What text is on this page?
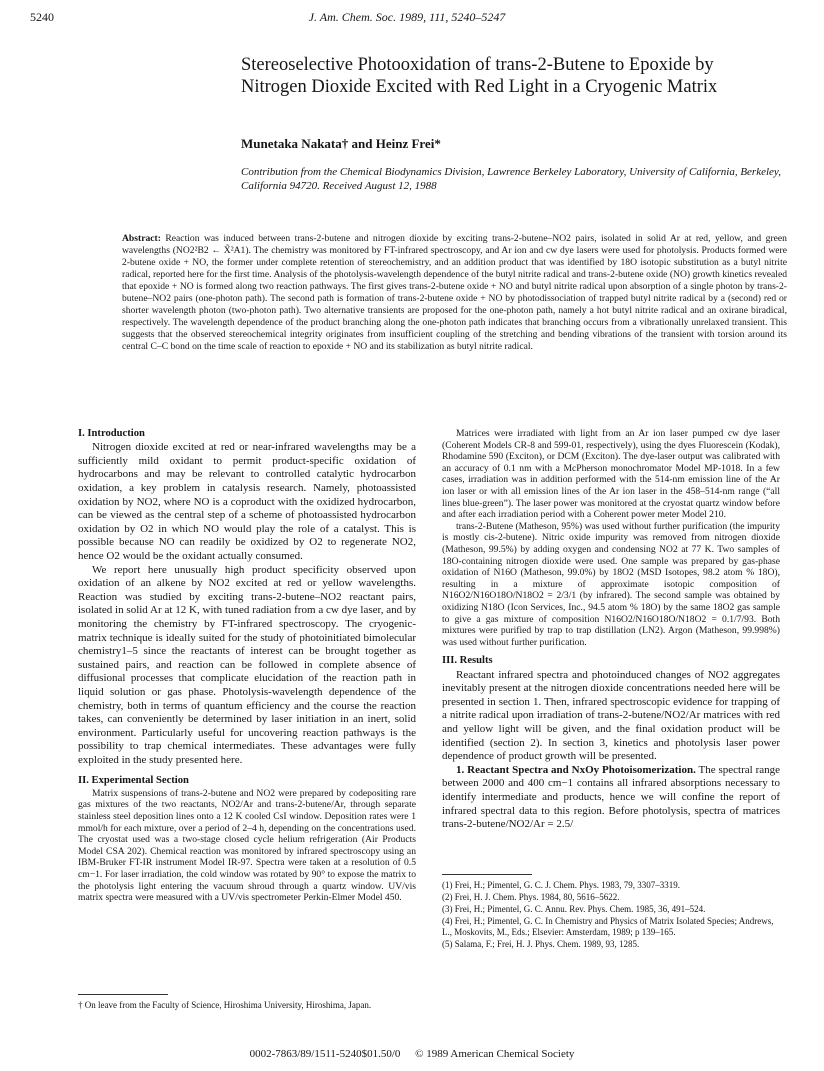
5240	J. Am. Chem. Soc. 1989, 111, 5240–5247
Stereoselective Photooxidation of trans-2-Butene to Epoxide by Nitrogen Dioxide Excited with Red Light in a Cryogenic Matrix
Munetaka Nakata† and Heinz Frei*
Contribution from the Chemical Biodynamics Division, Lawrence Berkeley Laboratory, University of California, Berkeley, California 94720. Received August 12, 1988
Abstract: Reaction was induced between trans-2-butene and nitrogen dioxide by exciting trans-2-butene–NO2 pairs, isolated in solid Ar at red, yellow, and green wavelengths (NO2²B2 ← X̃²A1). The chemistry was monitored by FT-infrared spectroscopy, and Ar ion and cw dye lasers were used for photolysis. Products formed were 2-butene oxide + NO, the former under complete retention of stereochemistry, and an addition product that was identified by 18O isotopic substitution as a butyl nitrite radical, reported here for the first time. Analysis of the photolysis-wavelength dependence of the butyl nitrite radical and trans-2-butene oxide (NO) growth kinetics revealed that epoxide + NO is formed along two reaction pathways. The first gives trans-2-butene oxide + NO and butyl nitrite radical upon absorption of a single photon by trans-2-butene–NO2 pairs (one-photon path). The second path is formation of trans-2-butene oxide + NO by photodissociation of trapped butyl nitrite radical by a (second) red or shorter wavelength photon (two-photon path). Two alternative transients are proposed for the one-photon path, namely a hot butyl nitrite radical and an oxirane biradical, respectively. The wavelength dependence of the product branching along the one-photon path indicates that branching occurs from a vibrationally unrelaxed transient. This suggests that the observed stereochemical integrity originates from insufficient coupling of the stretching and bending vibrations of the transient with torsion around its central C–C bond on the time scale of reaction to epoxide + NO and its stabilization as butyl nitrite radical.
I. Introduction

Nitrogen dioxide excited at red or near-infrared wavelengths may be a sufficiently mild oxidant to permit product-specific oxidation of hydrocarbons and may be relevant to controlled catalytic hydrocarbon oxidation, a key problem in catalysis research. Namely, photoassisted oxidation by NO2, where NO is a coproduct with the oxidized hydrocarbon, can be viewed as the central step of a scheme of photoassisted hydrocarbon oxidation by O2 in which NO would play the role of a catalyst. This is possible because NO can readily be oxidized by O2 to regenerate NO2, hence O2 would be the oxidant actually consumed.

We report here unusually high product specificity observed upon oxidation of an alkene by NO2 excited at red or yellow wavelengths. Reaction was studied by exciting trans-2-butene–NO2 reactant pairs, isolated in solid Ar at 12 K, with tuned radiation from a cw dye laser, and by monitoring the chemistry by FT-infrared spectroscopy. The cryogenic-matrix technique is ideally suited for the study of photoinitiated bimolecular chemistry1–5 since the reactants of interest can be brought together as sustained pairs, and reaction can be followed in complete absence of diffusional processes that complicate elucidation of the reaction path in liquid solution or gas phase. Photolysis-wavelength dependence of the chemistry, both in terms of quantum efficiency and the course the reaction takes, can conveniently be determined by laser initiation in an inert, solid environment. Particularly useful for uncovering reaction pathways is the possibility to trap chemical intermediates. These advantages were fully exploited in the study presented here.

II. Experimental Section

Matrix suspensions of trans-2-butene and NO2 were prepared by codepositing rare gas mixtures of the two reactants, NO2/Ar and trans-2-butene/Ar, through separate stainless steel deposition lines onto a 12 K cooled CsI window. Deposition rates were 1 mmol/h for each mixture, over a period of 2–4 h, depending on the concentrations used. The cryostat used was a two-stage closed cycle helium refrigeration (Air Products Model CSA 202). Chemical reaction was monitored by infrared spectroscopy using an IBM-Bruker FT-IR instrument Model IR-97. Spectra were taken at a resolution of 0.5 cm−1. For laser irradiation, the cold window was rotated by 90° to expose the matrix to the photolysis light entering the vacuum shroud through a quartz window. UV/vis matrix spectra were measured with a UV/vis spectrometer Perkin-Elmer Model 450.

† On leave from the Faculty of Science, Hiroshima University, Hiroshima, Japan.

Matrices were irradiated with light from an Ar ion laser pumped cw dye laser (Coherent Models CR-8 and 599-01, respectively), using the dyes Fluorescein (Kodak), Rhodamine 590 (Exciton), or DCM (Exciton). The dye-laser output was calibrated with an accuracy of 0.1 nm with a McPherson monochromator Model MP-1018. In a few cases, irradiation was in addition performed with the 514-nm emission line of the Ar ion laser or with all emission lines of the Ar ion laser in the 458–514-nm range (“all lines blue-green”). The laser power was monitored at the cryostat quartz window before and after each irradiation period with a Coherent power meter Model 210.

trans-2-Butene (Matheson, 95%) was used without further purification (the impurity is mostly cis-2-butene). Nitric oxide impurity was removed from nitrogen dioxide (Matheson, 99.5%) by adding oxygen and condensing NO2 at 77 K. Two samples of 18O-containing nitrogen dioxide were used. One sample was prepared by gas-phase oxidation of N16O (Matheson, 99.0%) by 18O2 (MSD Isotopes, 98.2 atom % 18O), resulting in a mixture of approximate isotopic composition of N16O2/N16O18O/N18O2 = 2/3/1 (by infrared). The second sample was obtained by oxidizing N18O (Icon Services, Inc., 94.5 atom % 18O) by the same 18O2 gas sample to give a gas mixture of composition N16O2/N16O18O/N18O2 = 0.1/7/93. Both mixtures were purified by trap to trap distillation (LN2). Argon (Matheson, 99.998%) was used without further purification.

III. Results

Reactant infrared spectra and photoinduced changes of NO2 aggregates inevitably present at the nitrogen dioxide concentrations needed here will be presented in section 1. Then, infrared spectroscopic evidence for trapping of a nitrite radical upon irradiation of trans-2-butene/NO2/Ar matrices with red and yellow light will be given, and the final oxidation product will be identified (section 2). In section 3, kinetics and photolysis laser power dependence of product growth will be presented.

1. Reactant Spectra and NxOy Photoisomerization. The spectral range between 2000 and 400 cm−1 contains all infrared absorptions necessary to identify intermediate and products, hence we will confine the report of infrared spectral data to this region. Before photolysis, spectra of matrices trans-2-butene/NO2/Ar = 2.5/

(1) Frei, H.; Pimentel, G. C. J. Chem. Phys. 1983, 79, 3307–3319.
(2) Frei, H. J. Chem. Phys. 1984, 80, 5616–5622.
(3) Frei, H.; Pimentel, G. C. Annu. Rev. Phys. Chem. 1985, 36, 491–524.
(4) Frei, H.; Pimentel, G. C. In Chemistry and Physics of Matrix Isolated Species; Andrews, L., Moskovits, M., Eds.; Elsevier: Amsterdam, 1989; p 139–165.
(5) Salama, F.; Frei, H. J. Phys. Chem. 1989, 93, 1285.
0002-7863/89/1511-5240$01.50/0 © 1989 American Chemical Society
